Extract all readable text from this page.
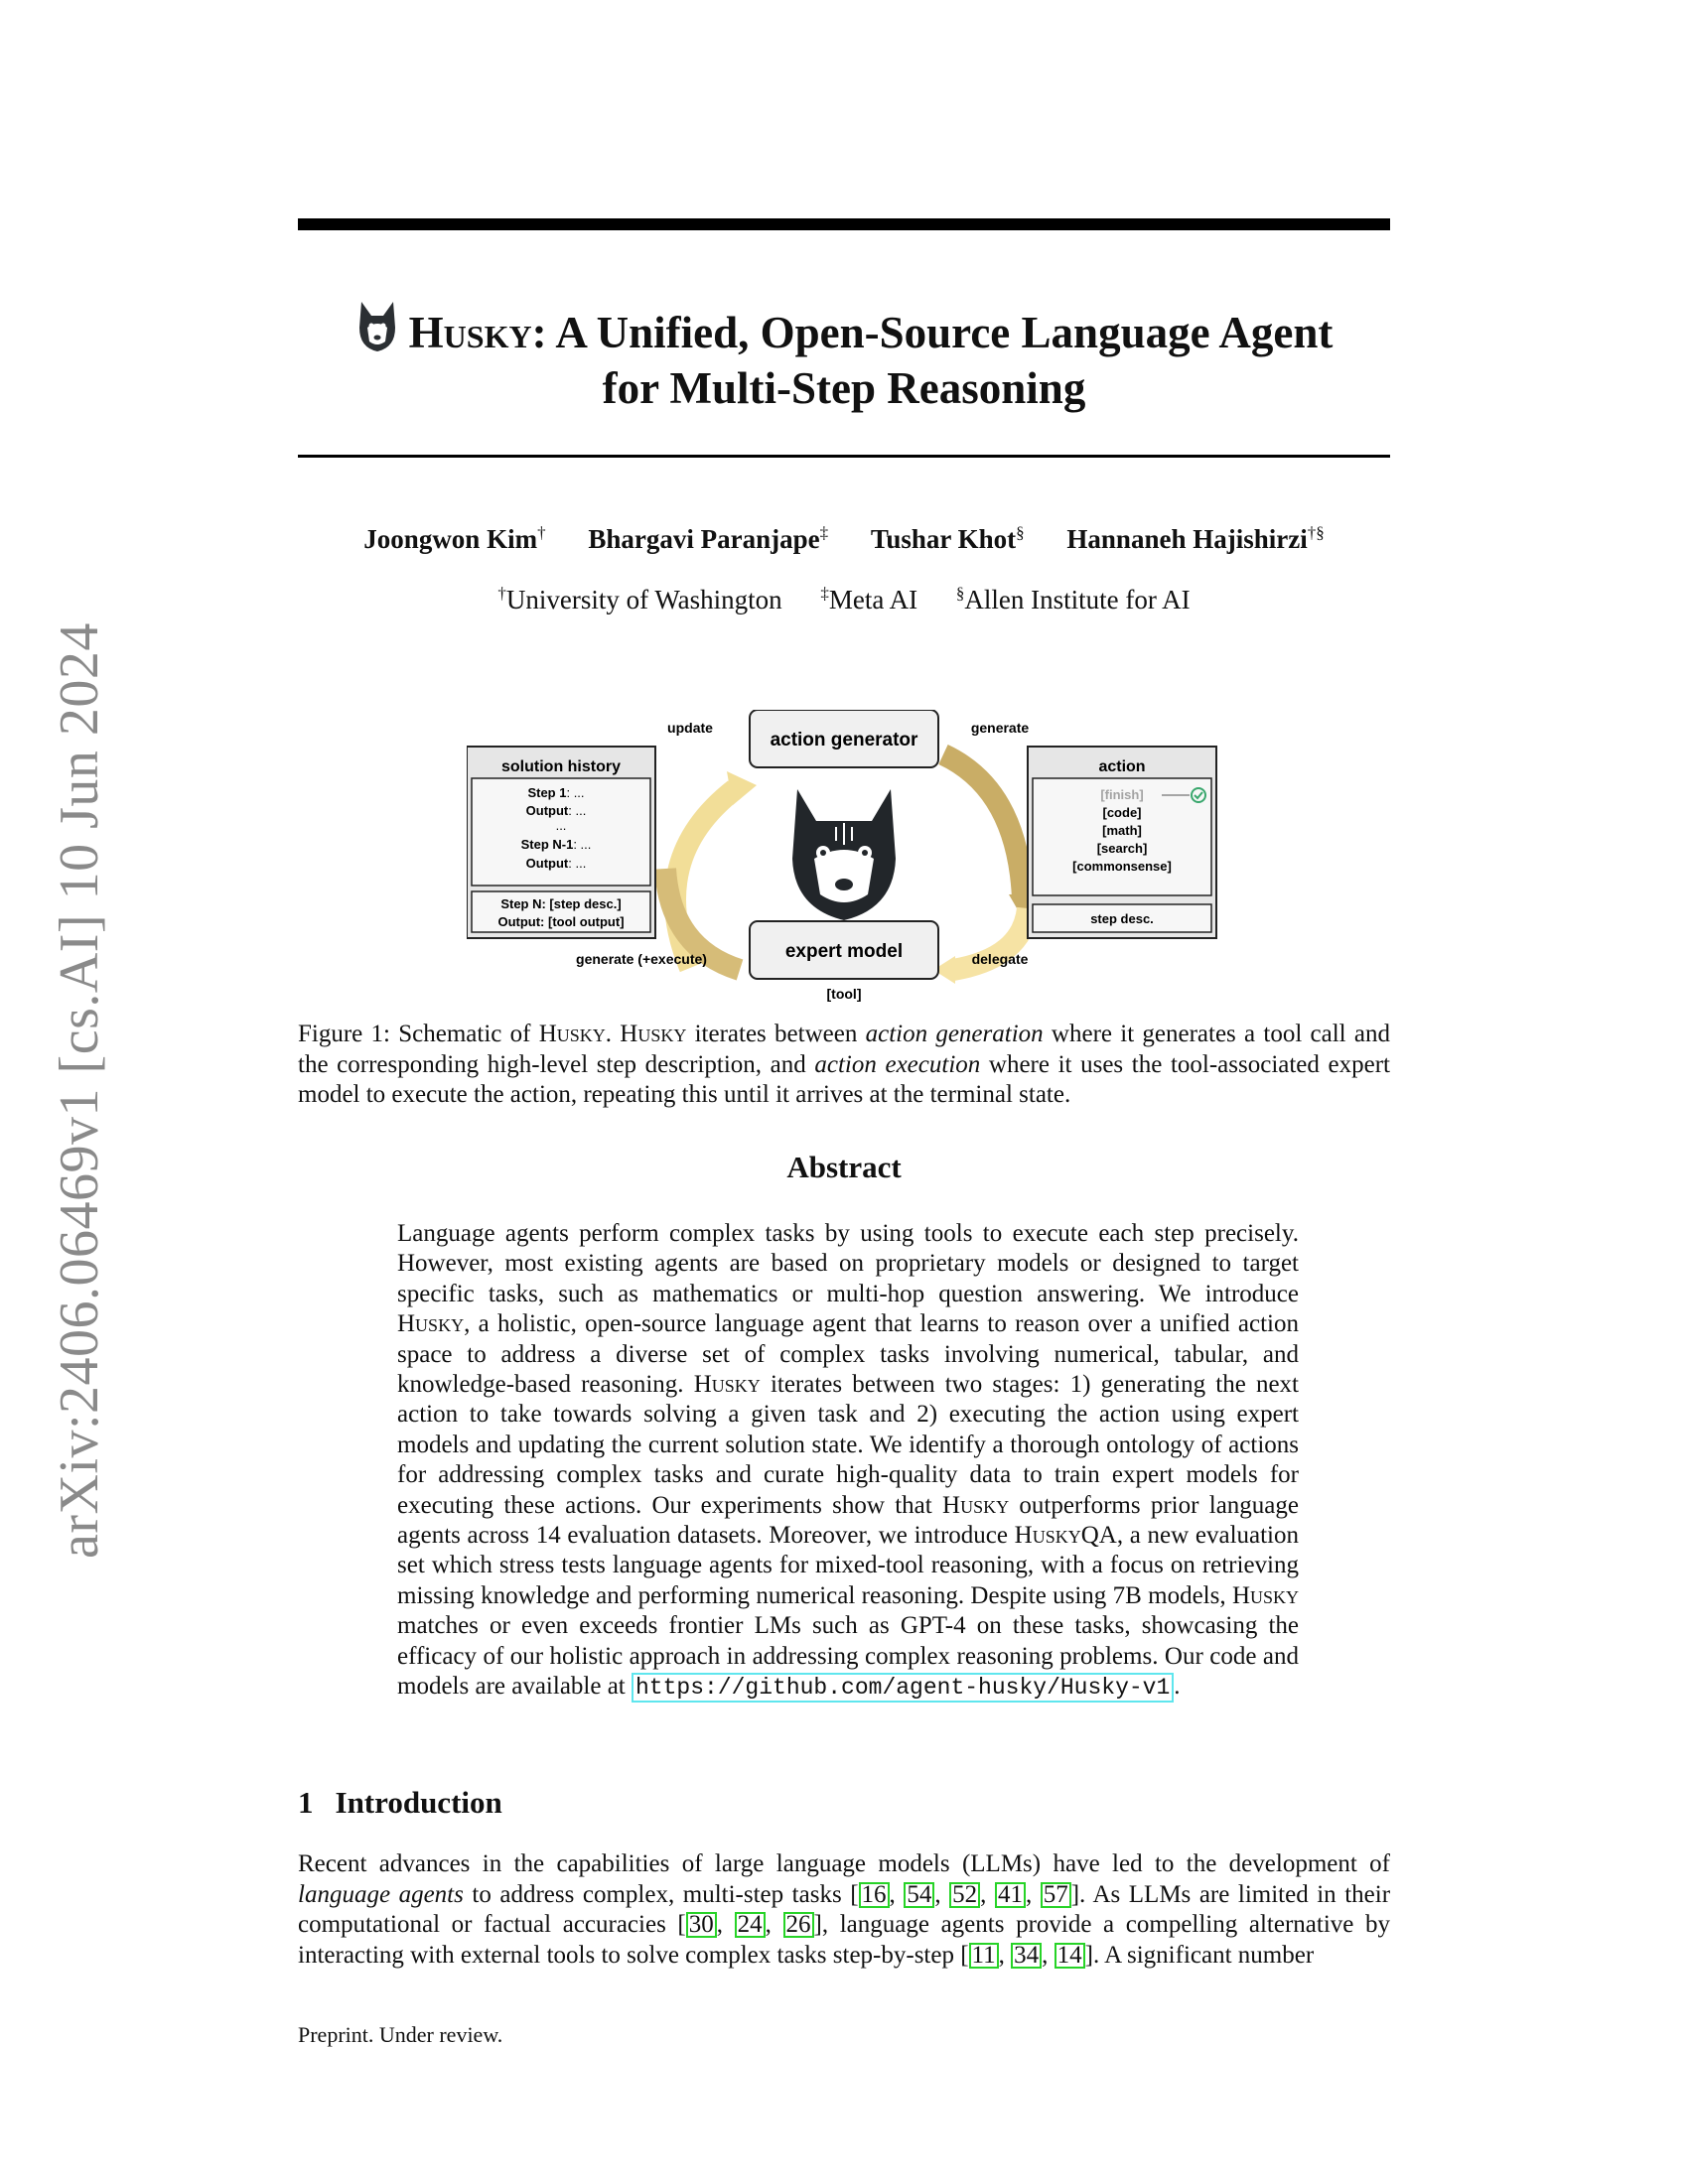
arXiv:2406.06469v1 [cs.AI] 10 Jun 2024
Husky: A Unified, Open-Source Language Agent
for Multi-Step Reasoning
Joongwon Kim† Bhargavi Paranjape‡ Tushar Khot§ Hannaneh Hajishirzi†§
†University of Washington ‡Meta AI §Allen Institute for AI
action generator
expert model
[tool]
update	generate
delegate
generate (+execute)
solution history
Step 1: ...
Output: ...
...
Step N-1: ...
Output: ...
Step N: [step desc.]
Output: [tool output]
action
[finish]
[code]
[math]
[search]
[commonsense]
step desc.
Figure 1: Schematic of Husky. Husky iterates between action generation where it generates a tool call and the corresponding high-level step description, and action execution where it uses the tool-associated expert model to execute the action, repeating this until it arrives at the terminal state.
Abstract
Language agents perform complex tasks by using tools to execute each step precisely. However, most existing agents are based on proprietary models or designed to target specific tasks, such as mathematics or multi-hop question answering. We introduce Husky, a holistic, open-source language agent that learns to reason over a unified action space to address a diverse set of complex tasks involving numerical, tabular, and knowledge-based reasoning. Husky iterates between two stages: 1) generating the next action to take towards solving a given task and 2) executing the action using expert models and updating the current solution state. We identify a thorough ontology of actions for addressing complex tasks and curate high-quality data to train expert models for executing these actions. Our experiments show that Husky outperforms prior language agents across 14 evaluation datasets. Moreover, we introduce HuskyQA, a new evaluation set which stress tests language agents for mixed-tool reasoning, with a focus on retrieving missing knowledge and performing numerical reasoning. Despite using 7B models, Husky matches or even exceeds frontier LMs such as GPT-4 on these tasks, showcasing the efficacy of our holistic approach in addressing complex reasoning problems. Our code and models are available at https://github.com/agent-husky/Husky-v1 .
1 Introduction
Recent advances in the capabilities of large language models (LLMs) have led to the development of language agents to address complex, multi-step tasks [ 16 , 54 , 52 , 41 , 57 ]. As LLMs are limited in their computational or factual accuracies [ 30 , 24 , 26 ], language agents provide a compelling alternative by interacting with external tools to solve complex tasks step-by-step [ 11 , 34 , 14 ]. A significant number
Preprint. Under review.
